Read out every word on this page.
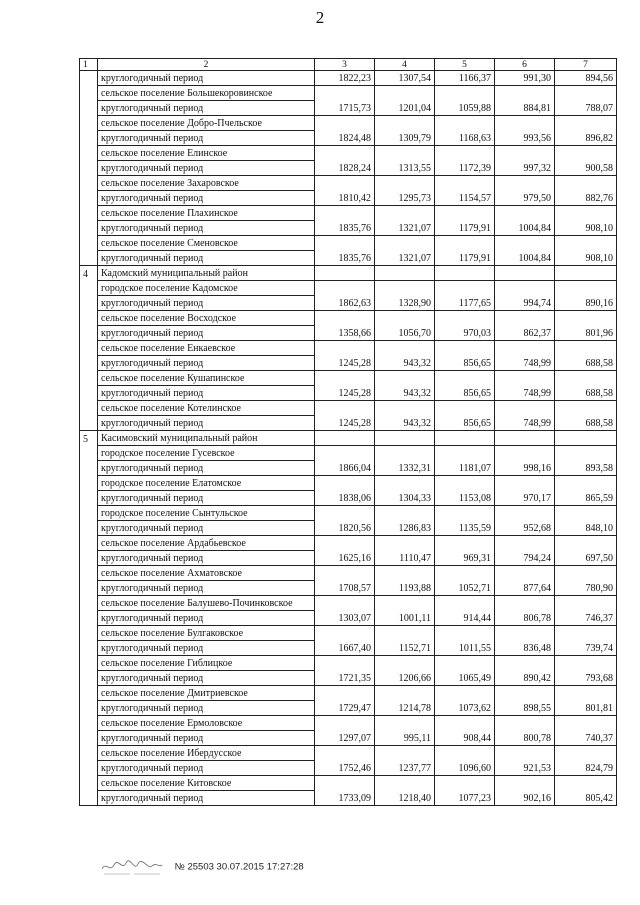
2
1	2	3	4	5	6	7
	круглогодичный период	1822,23	1307,54	1166,37	991,30	894,56
	сельское поселение Большекоровинское					
	круглогодичный период	1715,73	1201,04	1059,88	884,81	788,07
	сельское поселение Добро-Пчельское					
	круглогодичный период	1824,48	1309,79	1168,63	993,56	896,82
	сельское поселение Елинское					
	круглогодичный период	1828,24	1313,55	1172,39	997,32	900,58
	сельское поселение Захаровское					
	круглогодичный период	1810,42	1295,73	1154,57	979,50	882,76
	сельское поселение Плахинское					
	круглогодичный период	1835,76	1321,07	1179,91	1004,84	908,10
	сельское поселение Сменовское					
	круглогодичный период	1835,76	1321,07	1179,91	1004,84	908,10
4	Кадомский муниципальный район					
	городское поселение Кадомское					
	круглогодичный период	1862,63	1328,90	1177,65	994,74	890,16
	сельское поселение Восходское					
	круглогодичный период	1358,66	1056,70	970,03	862,37	801,96
	сельское поселение Енкаевское					
	круглогодичный период	1245,28	943,32	856,65	748,99	688,58
	сельское поселение Кушапинское					
	круглогодичный период	1245,28	943,32	856,65	748,99	688,58
	сельское поселение Котелинское					
	круглогодичный период	1245,28	943,32	856,65	748,99	688,58
5	Касимовский муниципальный район					
	городское поселение Гусевское					
	круглогодичный период	1866,04	1332,31	1181,07	998,16	893,58
	городское поселение Елатомское					
	круглогодичный период	1838,06	1304,33	1153,08	970,17	865,59
	городское поселение Сынтульское					
	круглогодичный период	1820,56	1286,83	1135,59	952,68	848,10
	сельское поселение Ардабьевское					
	круглогодичный период	1625,16	1110,47	969,31	794,24	697,50
	сельское поселение Ахматовское					
	круглогодичный период	1708,57	1193,88	1052,71	877,64	780,90
	сельское поселение Балушево-Починковское					
	круглогодичный период	1303,07	1001,11	914,44	806,78	746,37
	сельское поселение Булгаковское					
	круглогодичный период	1667,40	1152,71	1011,55	836,48	739,74
	сельское поселение Гиблицкое					
	круглогодичный период	1721,35	1206,66	1065,49	890,42	793,68
	сельское поселение Дмитриевское					
	круглогодичный период	1729,47	1214,78	1073,62	898,55	801,81
	сельское поселение Ермоловское					
	круглогодичный период	1297,07	995,11	908,44	800,78	740,37
	сельское поселение Ибердусское					
	круглогодичный период	1752,46	1237,77	1096,60	921,53	824,79
	сельское поселение Китовское					
	круглогодичный период	1733,09	1218,40	1077,23	902,16	805,42
№ 25503 30.07.2015 17:27:28
